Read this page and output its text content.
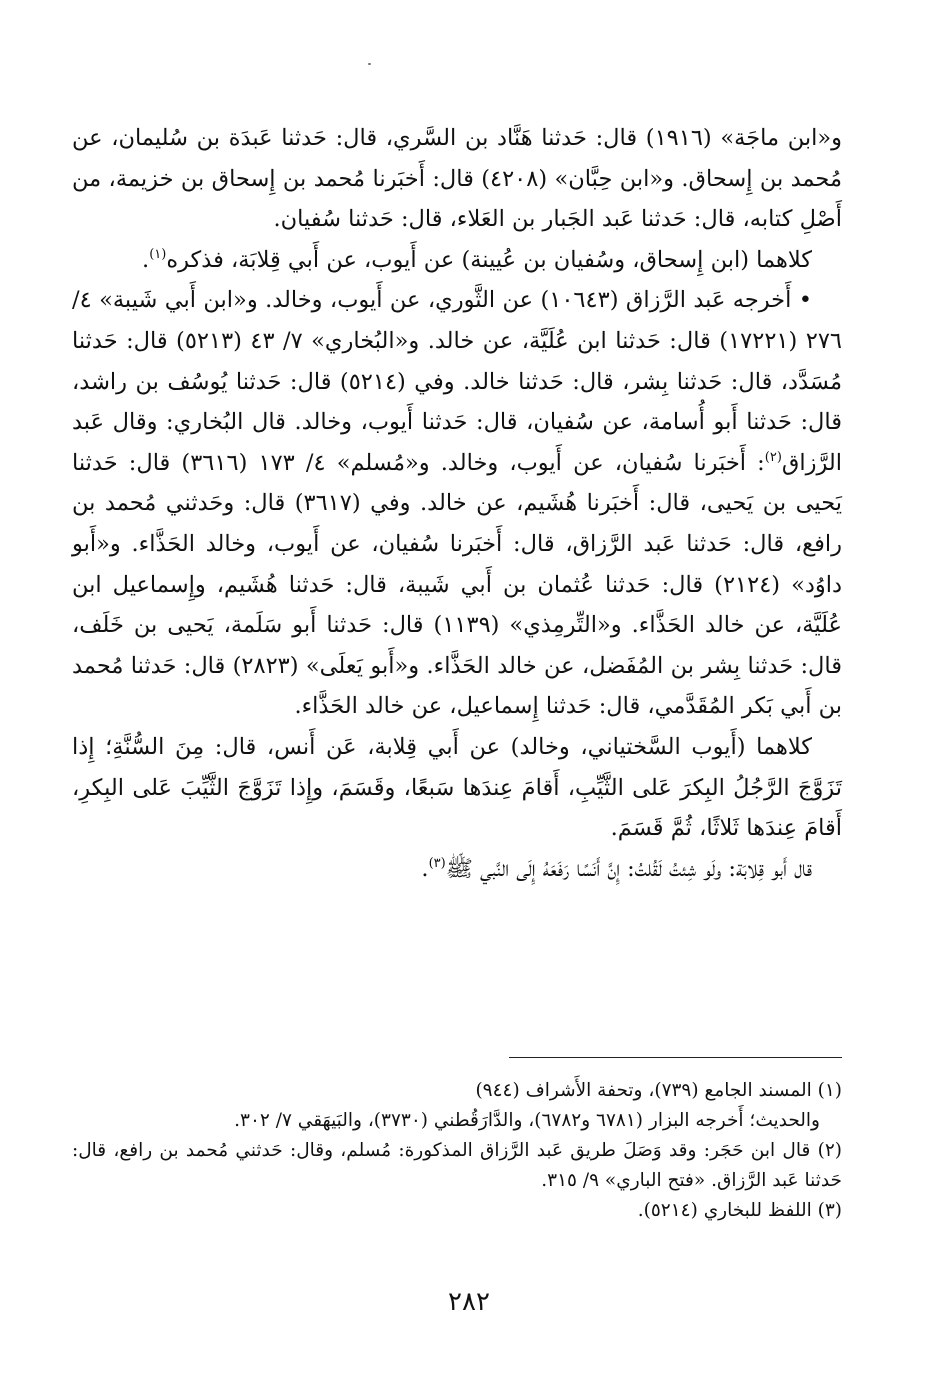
و«ابن ماجَة» (١٩١٦) قال: حَدثنا هَنَّاد بن السَّري، قال: حَدثنا عَبدَة بن سُليمان، عن مُحمد بن إِسحاق. و«ابن حِبَّان» (٤٢٠٨) قال: أَخبَرنا مُحمد بن إِسحاق بن خزيمة، من أَصْلِ كتابه، قال: حَدثنا عَبد الجَبار بن العَلاء، قال: حَدثنا سُفيان.

كلاهما (ابن إِسحاق، وسُفيان بن عُيينة) عن أَيوب، عن أَبي قِلابَة، فذكره$^{(١)}$.

• أَخرجه عَبد الرَّزاق (١٠٦٤٣) عن الثَّوري، عن أَيوب، وخالد. و«ابن أَبي شَيبة» ٤/ ٢٧٦ (١٧٢٢١) قال: حَدثنا ابن عُلَيَّة، عن خالد. و«البُخاري» ٧/ ٤٣ (٥٢١٣) قال: حَدثنا مُسَدَّد، قال: حَدثنا بِشر، قال: حَدثنا خالد. وفي (٥٢١٤) قال: حَدثنا يُوسُف بن راشد، قال: حَدثنا أَبو أُسامة، عن سُفيان، قال: حَدثنا أَيوب، وخالد. قال البُخاري: وقال عَبد الرَّزاق$^{(٢)}$: أَخبَرنا سُفيان، عن أَيوب، وخالد. و«مُسلم» ٤/ ١٧٣ (٣٦١٦) قال: حَدثنا يَحيى بن يَحيى، قال: أَخبَرنا هُشَيم، عن خالد. وفي (٣٦١٧) قال: وحَدثني مُحمد بن رافع، قال: حَدثنا عَبد الرَّزاق، قال: أَخبَرنا سُفيان، عن أَيوب، وخالد الحَذَّاء. و«أَبو داوُد» (٢١٢٤) قال: حَدثنا عُثمان بن أَبي شَيبة، قال: حَدثنا هُشَيم، وإِسماعيل ابن عُلَيَّة، عن خالد الحَذَّاء. و«التِّرمِذي» (١١٣٩) قال: حَدثنا أَبو سَلَمة، يَحيى بن خَلَف، قال: حَدثنا بِشر بن المُفَضل، عن خالد الحَذَّاء. و«أَبو يَعلَى» (٢٨٢٣) قال: حَدثنا مُحمد بن أَبي بَكر المُقَدَّمي، قال: حَدثنا إِسماعيل، عن خالد الحَذَّاء.

كلاهما (أَيوب السَّختياني، وخالد) عن أَبي قِلابة، عَن أَنس، قال: مِنَ السُّنَّةِ؛ إِذا تَزَوَّجَ الرَّجُلُ البِكرَ عَلى الثَّيِّبِ، أَقامَ عِندَها سَبعًا، وقَسَمَ، وإِذا تَزَوَّجَ الثَّيِّبَ عَلى البِكرِ، أَقامَ عِندَها ثَلاثًا، ثُمَّ قَسَمَ.

قال أَبو قِلابَة: ولَو شِئتُ لَقُلتُ: إِنَّ أَنَسًا رَفَعَهُ إِلَى النَّبي ﷺ$^{(٣)}$.

(١) المسند الجامع (٧٣٩)، وتحفة الأَشراف (٩٤٤)
والحديث؛ أَخرجه البزار (٦٧٨١ و٦٧٨٢)، والدَّارَقُطني (٣٧٣٠)، والبَيهَقي ٧/ ٣٠٢.

(٢) قال ابن حَجَر: وقد وَصَلَ طريق عَبد الرَّزاق المذكورة: مُسلم، وقال: حَدثني مُحمد بن رافع، قال: حَدثنا عَبد الرَّزاق. «فتح الباري» ٩/ ٣١٥.

(٣) اللفظ للبخاري (٥٢١٤).

٢٨٢
